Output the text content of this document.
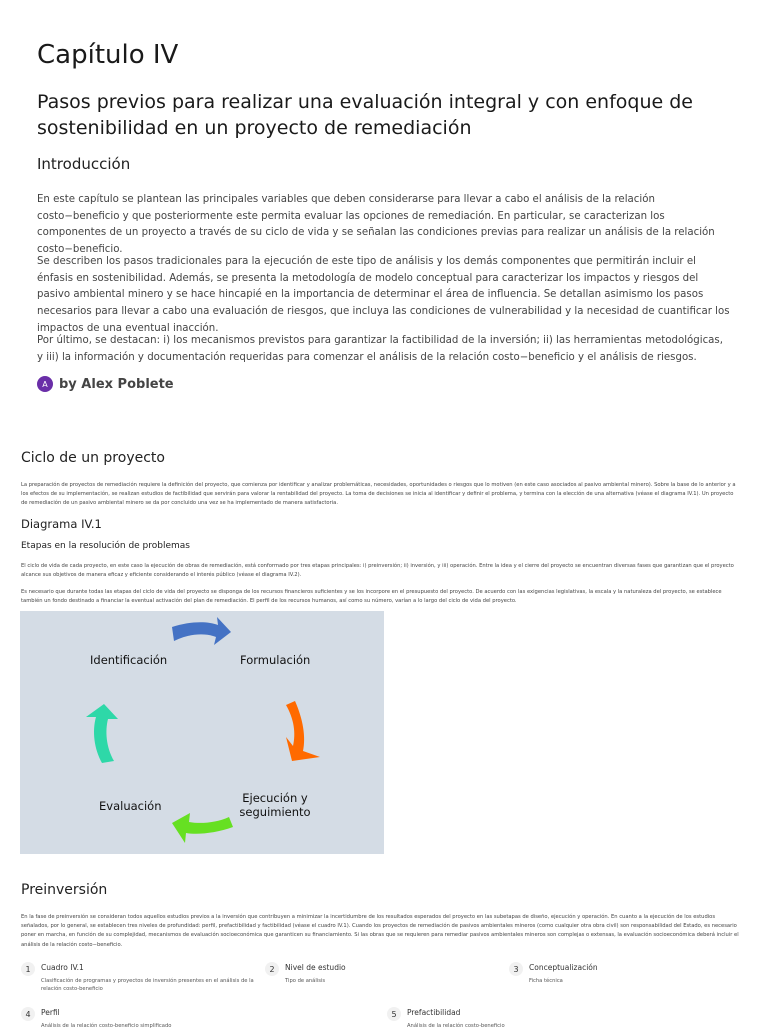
Capítulo IV
Pasos previos para realizar una evaluación integral y con enfoque de sostenibilidad en un proyecto de remediación
Introducción

En este capítulo se plantean las principales variables que deben considerarse para llevar a cabo el análisis de la relación costo−beneficio y que posteriormente este permita evaluar las opciones de remediación. En particular, se caracterizan los componentes de un proyecto a través de su ciclo de vida y se señalan las condiciones previas para realizar un análisis de la relación costo−beneficio.

Se describen los pasos tradicionales para la ejecución de este tipo de análisis y los demás componentes que permitirán incluir el énfasis en sostenibilidad. Además, se presenta la metodología de modelo conceptual para caracterizar los impactos y riesgos del pasivo ambiental minero y se hace hincapié en la importancia de determinar el área de influencia. Se detallan asimismo los pasos necesarios para llevar a cabo una evaluación de riesgos, que incluya las condiciones de vulnerabilidad y la necesidad de cuantificar los impactos de una eventual inacción.

Por último, se destacan: i) los mecanismos previstos para garantizar la factibilidad de la inversión; ii) las herramientas metodológicas, y iii) la información y documentación requeridas para comenzar el análisis de la relación costo−beneficio y el análisis de riesgos.

A by Alex Poblete
Ciclo de un proyecto

La preparación de proyectos de remediación requiere la definición del proyecto, que comienza por identificar y analizar problemáticas, necesidades, oportunidades o riesgos que lo motiven (en este caso asociados al pasivo ambiental minero). Sobre la base de lo anterior y a los efectos de su implementación, se realizan estudios de factibilidad que servirán para valorar la rentabilidad del proyecto. La toma de decisiones se inicia al identificar y definir el problema, y termina con la elección de una alternativa (véase el diagrama IV.1). Un proyecto de remediación de un pasivo ambiental minero se da por concluido una vez se ha implementado de manera satisfactoria.

Diagrama IV.1
Etapas en la resolución de problemas

El ciclo de vida de cada proyecto, en este caso la ejecución de obras de remediación, está conformado por tres etapas principales: i) preinversión; ii) inversión, y iii) operación. Entre la idea y el cierre del proyecto se encuentran diversas fases que garantizan que el proyecto alcance sus objetivos de manera eficaz y eficiente considerando el interés público (véase el diagrama IV.2).

Es necesario que durante todas las etapas del ciclo de vida del proyecto se disponga de los recursos financieros suficientes y se los incorpore en el presupuesto del proyecto. De acuerdo con las exigencias legislativas, la escala y la naturaleza del proyecto, se establece también un fondo destinado a financiar la eventual activación del plan de remediación. El perfil de los recursos humanos, así como su número, varían a lo largo del ciclo de vida del proyecto.

Identificación	Formulación
Ejecución y
seguimiento
Evaluación
Preinversión

En la fase de preinversión se consideran todos aquellos estudios previos a la inversión que contribuyen a minimizar la incertidumbre de los resultados esperados del proyecto en las subetapas de diseño, ejecución y operación. En cuanto a la ejecución de los estudios señalados, por lo general, se establecen tres niveles de profundidad: perfil, prefactibilidad y factibilidad (véase el cuadro IV.1). Cuando los proyectos de remediación de pasivos ambientales mineros (como cualquier otra obra civil) son responsabilidad del Estado, es necesario poner en marcha, en función de su complejidad, mecanismos de evaluación socioeconómica que garanticen su financiamiento. Si las obras que se requieren para remediar pasivos ambientales mineros son complejas o extensas, la evaluación socioeconómica deberá incluir el análisis de la relación costo−beneficio.

1	Cuadro IV.1
Clasificación de programas y proyectos de inversión presentes en el análisis de la relación costo-beneficio
2	Nivel de estudio
Tipo de análisis
3	Conceptualización
Ficha técnica
4	Perfil
Análisis de la relación costo-beneficio simplificado
5	Prefactibilidad
Análisis de la relación costo-beneficio
